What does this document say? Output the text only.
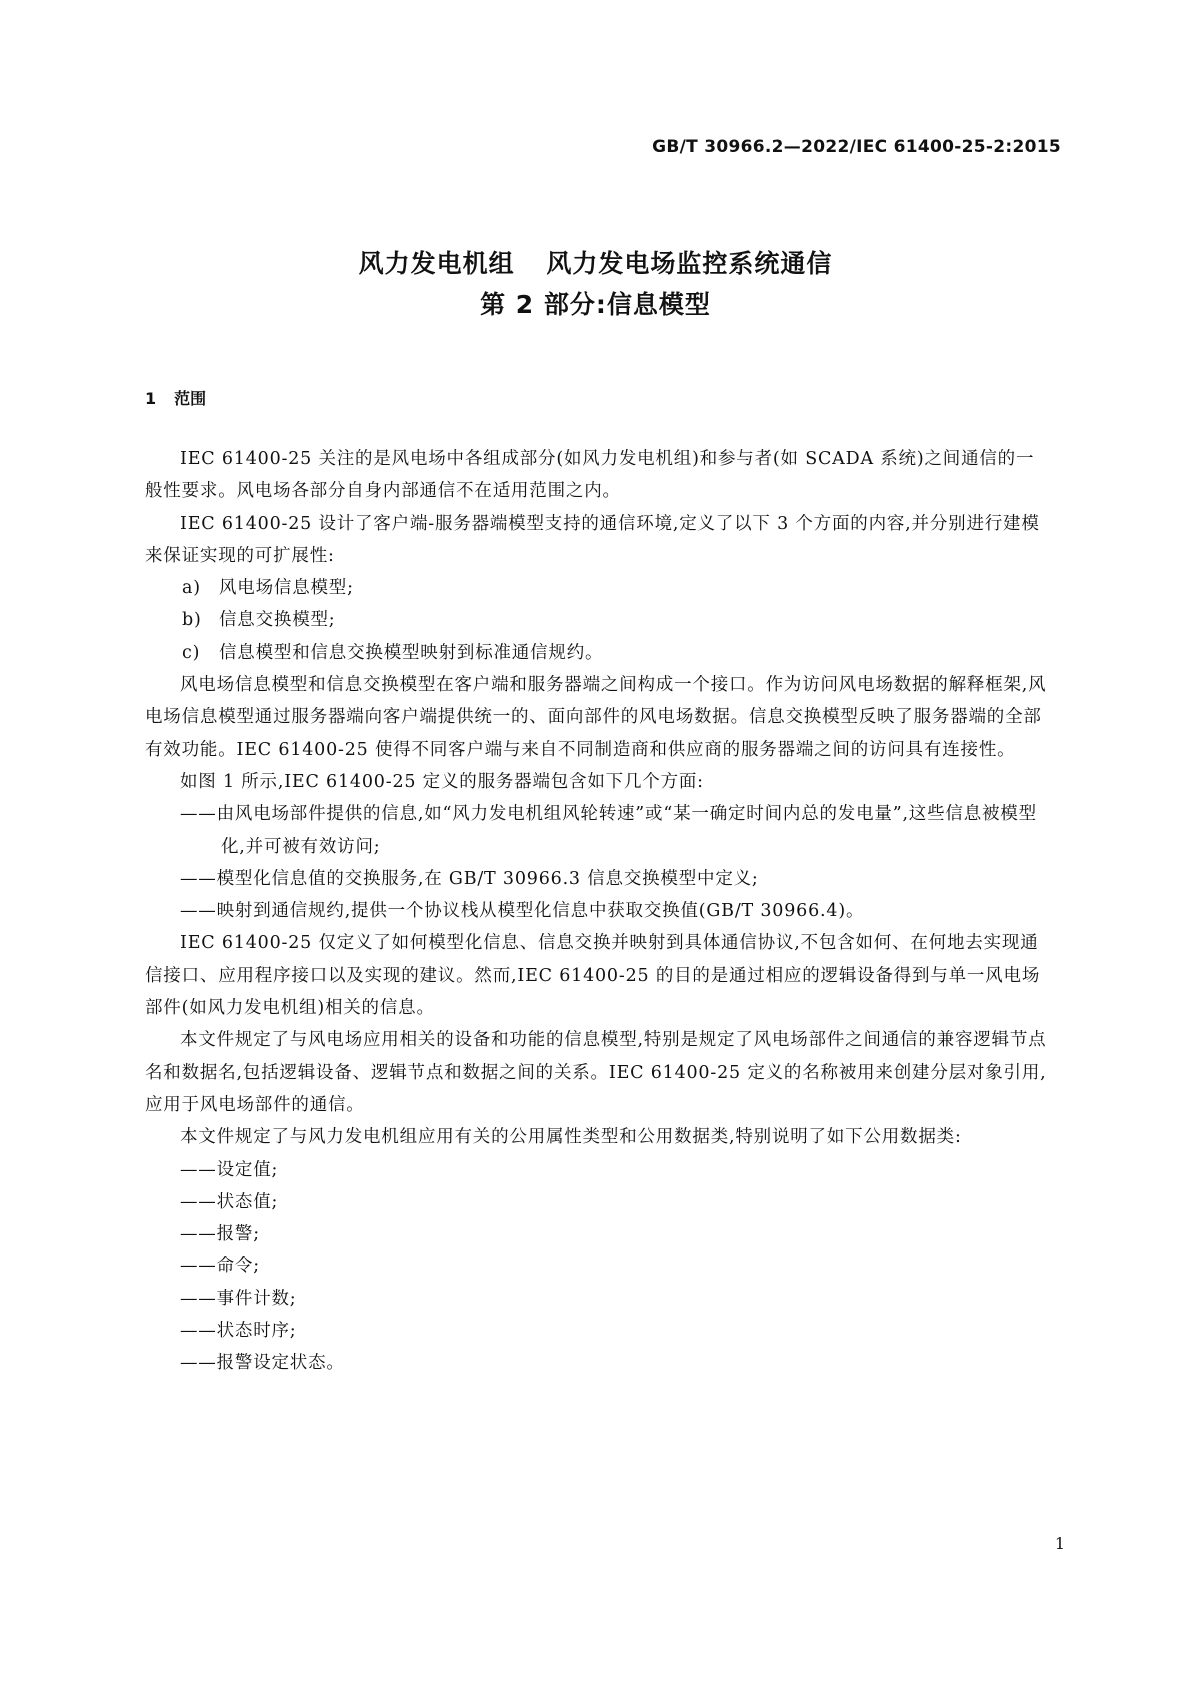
GB/T 30966.2—2022/IEC 61400-25-2:2015
风力发电机组 风力发电场监控系统通信
第 2 部分:信息模型
1 范围

IEC 61400-25 关注的是风电场中各组成部分(如风力发电机组)和参与者(如 SCADA 系统)之间通信的一般性要求。风电场各部分自身内部通信不在适用范围之内。

IEC 61400-25 设计了客户端-服务器端模型支持的通信环境,定义了以下 3 个方面的内容,并分别进行建模来保证实现的可扩展性:

a) 风电场信息模型;
b) 信息交换模型;
c) 信息模型和信息交换模型映射到标准通信规约。

风电场信息模型和信息交换模型在客户端和服务器端之间构成一个接口。作为访问风电场数据的解释框架,风电场信息模型通过服务器端向客户端提供统一的、面向部件的风电场数据。信息交换模型反映了服务器端的全部有效功能。IEC 61400-25 使得不同客户端与来自不同制造商和供应商的服务器端之间的访问具有连接性。

如图 1 所示,IEC 61400-25 定义的服务器端包含如下几个方面:

——由风电场部件提供的信息,如“风力发电机组风轮转速”或“某一确定时间内总的发电量”,这些信息被模型化,并可被有效访问;
——模型化信息值的交换服务,在 GB/T 30966.3 信息交换模型中定义;
——映射到通信规约,提供一个协议栈从模型化信息中获取交换值(GB/T 30966.4)。

IEC 61400-25 仅定义了如何模型化信息、信息交换并映射到具体通信协议,不包含如何、在何地去实现通信接口、应用程序接口以及实现的建议。然而,IEC 61400-25 的目的是通过相应的逻辑设备得到与单一风电场部件(如风力发电机组)相关的信息。

本文件规定了与风电场应用相关的设备和功能的信息模型,特别是规定了风电场部件之间通信的兼容逻辑节点名和数据名,包括逻辑设备、逻辑节点和数据之间的关系。IEC 61400-25 定义的名称被用来创建分层对象引用,应用于风电场部件的通信。

本文件规定了与风力发电机组应用有关的公用属性类型和公用数据类,特别说明了如下公用数据类:

——设定值;
——状态值;
——报警;
——命令;
——事件计数;
——状态时序;
——报警设定状态。
1
